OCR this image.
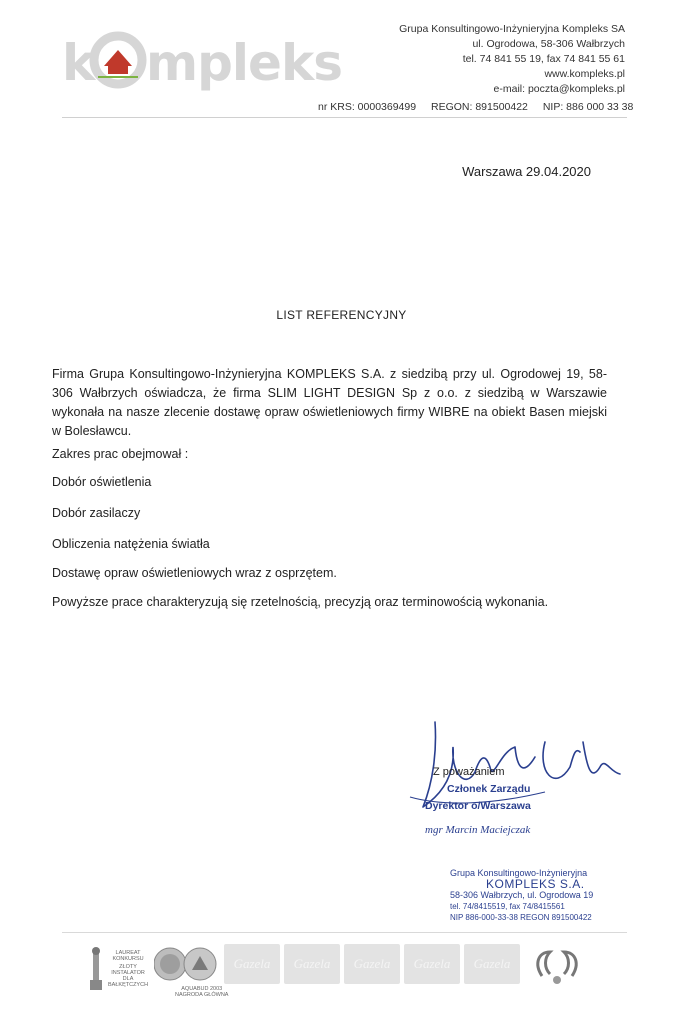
k mpleks
Grupa Konsultingowo-Inżynieryjna Kompleks SA
ul. Ogrodowa, 58-306 Wałbrzych
tel. 74 841 55 19, fax 74 841 55 61
www.kompleks.pl
e-mail: poczta@kompleks.pl
nr KRS: 0000369499 REGON: 891500422 NIP: 886 000 33 38
Warszawa 29.04.2020
LIST REFERENCYJNY
Firma Grupa Konsultingowo-Inżynieryjna KOMPLEKS S.A. z siedzibą przy ul. Ogrodowej 19, 58-306 Wałbrzych oświadcza, że firma SLIM LIGHT DESIGN Sp z o.o. z siedzibą w Warszawie wykonała na nasze zlecenie dostawę opraw oświetleniowych firmy WIBRE na obiekt Basen miejski w Bolesławcu.
Zakres prac obejmował :
Dobór oświetlenia
Dobór zasilaczy
Obliczenia natężenia światła
Dostawę opraw oświetleniowych wraz z osprzętem.
Powyższe prace charakteryzują się rzetelnością, precyzją oraz terminowością wykonania.
Z poważaniem
Członek Zarządu
Dyrektor o/Warszawa
mgr Marcin Maciejczak
Grupa Konsultingowo-Inżynieryjna
KOMPLEKS S.A.
58-306 Wałbrzych, ul. Ogrodowa 19
tel. 74/8415519, fax 74/8415561
NIP 886-000-33-38 REGON 891500422
LAUREAT
KONKURSU
ZŁOTY
INSTALATOR
DLA
BAŁKĘTCZYCH
AQUABUD 2003
NAGRODA GŁÓWNA
Gazela	Gazela	Gazela	Gazela	Gazela
